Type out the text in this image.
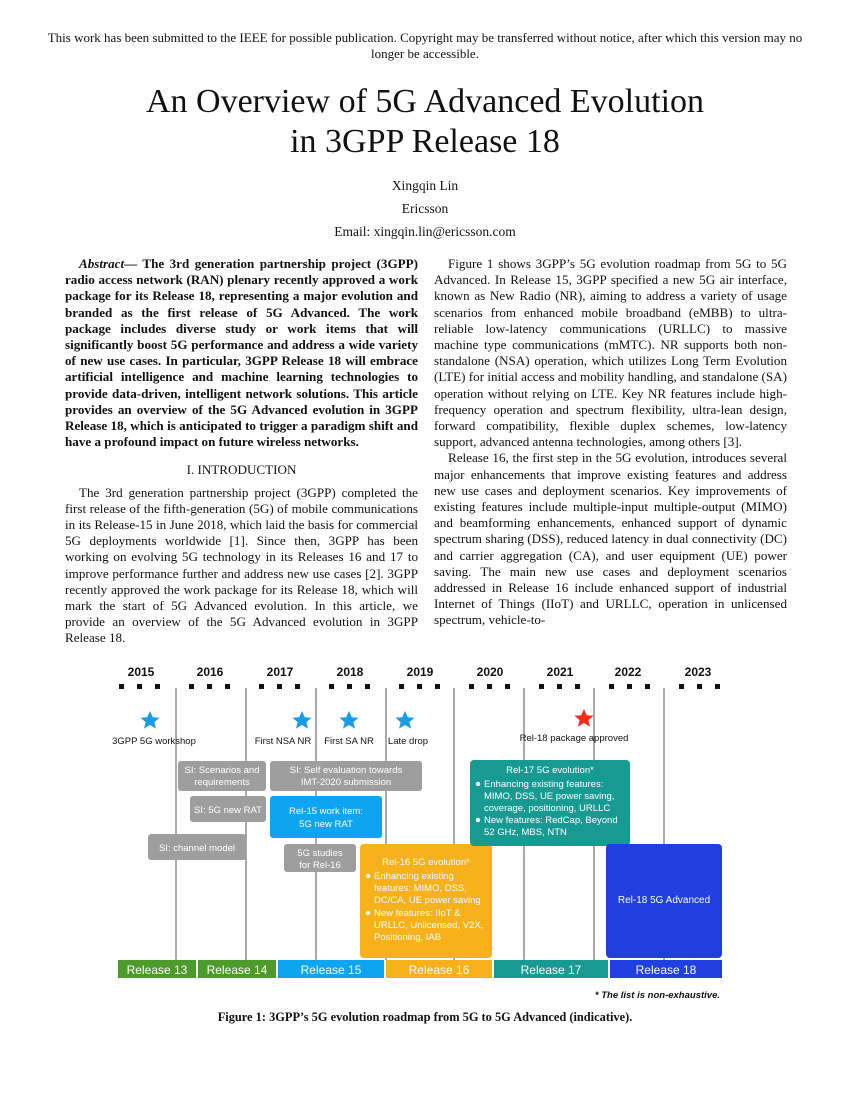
This work has been submitted to the IEEE for possible publication. Copyright may be transferred without notice, after which this version may no longer be accessible.
An Overview of 5G Advanced Evolution
in 3GPP Release 18
Xingqin Lin
Ericsson
Email: xingqin.lin@ericsson.com

Abstract— The 3rd generation partnership project (3GPP) radio access network (RAN) plenary recently approved a work package for its Release 18, representing a major evolution and branded as the first release of 5G Advanced. The work package includes diverse study or work items that will significantly boost 5G performance and address a wide variety of new use cases. In particular, 3GPP Release 18 will embrace artificial intelligence and machine learning technologies to provide data-driven, intelligent network solutions. This article provides an overview of the 5G Advanced evolution in 3GPP Release 18, which is anticipated to trigger a paradigm shift and have a profound impact on future wireless networks.

I. INTRODUCTION

The 3rd generation partnership project (3GPP) completed the first release of the fifth-generation (5G) of mobile communications in its Release-15 in June 2018, which laid the basis for commercial 5G deployments worldwide [1]. Since then, 3GPP has been working on evolving 5G technology in its Releases 16 and 17 to improve performance further and address new use cases [2]. 3GPP recently approved the work package for its Release 18, which will mark the start of 5G Advanced evolution. In this article, we provide an overview of the 5G Advanced evolution in 3GPP Release 18.

Figure 1 shows 3GPP’s 5G evolution roadmap from 5G to 5G Advanced. In Release 15, 3GPP specified a new 5G air interface, known as New Radio (NR), aiming to address a variety of usage scenarios from enhanced mobile broadband (eMBB) to ultra-reliable low-latency communications (URLLC) to massive machine type communications (mMTC). NR supports both non-standalone (NSA) operation, which utilizes Long Term Evolution (LTE) for initial access and mobility handling, and standalone (SA) operation without relying on LTE. Key NR features include high-frequency operation and spectrum flexibility, ultra-lean design, forward compatibility, flexible duplex schemes, low-latency support, advanced antenna technologies, among others [3].

Release 16, the first step in the 5G evolution, introduces several major enhancements that improve existing features and address new use cases and deployment scenarios. Key improvements of existing features include multiple-input multiple-output (MIMO) and beamforming enhancements, enhanced support of dynamic spectrum sharing (DSS), reduced latency in dual connectivity (DC) and carrier aggregation (CA), and user equipment (UE) power saving. The main new use cases and deployment scenarios addressed in Release 16 include enhanced support of industrial Internet of Things (IIoT) and URLLC, operation in unlicensed spectrum, vehicle-to-

2015	2016	2017	2018	2019	2020	2021	2022	2023
3GPP 5G workshop	First NSA NR First SA NR Late drop	Rel-18 package approved
SI: Scenarios and
requirements
SI: 5G new RAT
SI: channel model
SI: Self evaluation towards
IMT-2020 submission
Rel-15 work item:
5G new RAT
5G studies
for Rel-16	Rel-16 5G evolution*
Enhancing existing
features: MIMO, DSS,
DC/CA, UE power saving
New features: IIoT &
URLLC, Unlicensed, V2X,
Positioning, IAB
Rel-17 5G evolution*
Enhancing existing features:
MIMO, DSS, UE power saving,
coverage, positioning, URLLC
New features: RedCap, Beyond
52 GHz, MBS, NTN
Rel-18 5G Advanced
Release 13 Release 14	Release 15	Release 16	Release 17	Release 18
* The list is non-exhaustive.
Figure 1: 3GPP’s 5G evolution roadmap from 5G to 5G Advanced (indicative).
